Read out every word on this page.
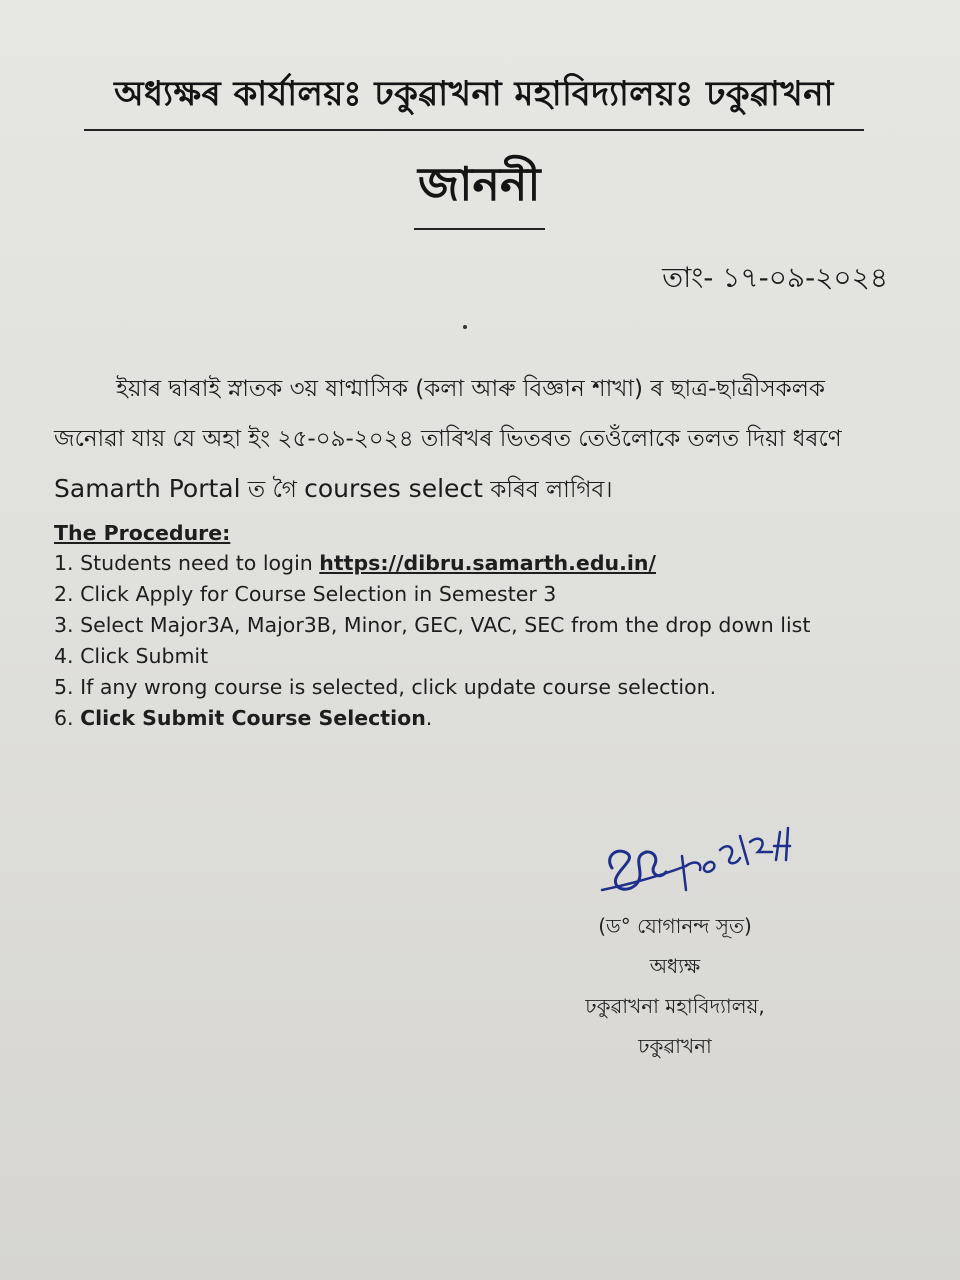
অধ্যক্ষৰ কাৰ্যালয়ঃ ঢকুৱাখনা মহাবিদ্যালয়ঃ ঢকুৱাখনা
জাননী
তাং- ১৭-০৯-২০২৪
ইয়াৰ দ্বাৰাই স্নাতক ৩য় ষাণ্মাসিক (কলা আৰু বিজ্ঞান শাখা) ৰ ছাত্ৰ-ছাত্ৰীসকলক
জনোৱা যায় যে অহা ইং ২৫-০৯-২০২৪ তাৰিখৰ ভিতৰত তেওঁলোকে তলত দিয়া ধৰণে
Samarth Portal ত গৈ courses select কৰিব লাগিব।
The Procedure:
1. Students need to login https://dibru.samarth.edu.in/
2. Click Apply for Course Selection in Semester 3
3. Select Major3A, Major3B, Minor, GEC, VAC, SEC from the drop down list
4. Click Submit
5. If any wrong course is selected, click update course selection.
6. Click Submit Course Selection.
(ড° যোগানন্দ সূত)
অধ্যক্ষ
ঢকুৱাখনা মহাবিদ্যালয়,
ঢকুৱাখনা
